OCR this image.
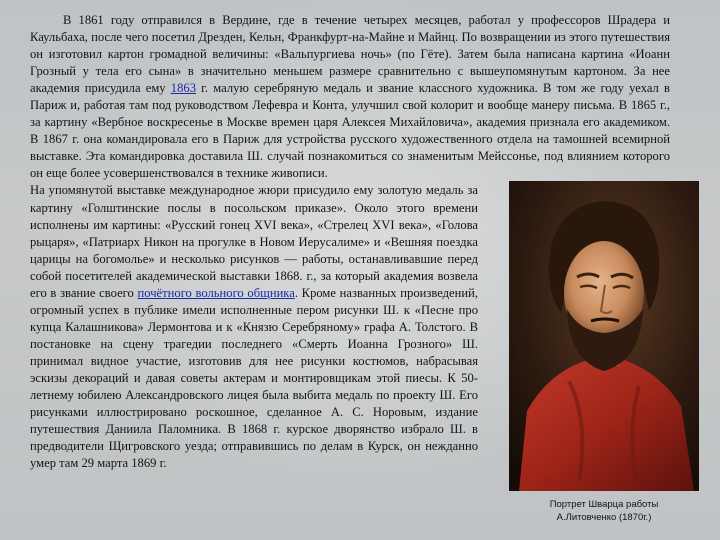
В 1861 году отправился в Вердине, где в течение четырех месяцев, работал у профессоров Шрадера и Каульбаха, после чего посетил Дрезден, Кельн, Франкфурт-на-Майне и Майнц. По возвращении из этого путешествия он изготовил картон громадной величины: «Вальпургиева ночь» (по Гёте). Затем была написана картина «Иоанн Грозный у тела его сына» в значительно меньшем размере сравнительно с вышеупомянутым картоном. За нее академия присудила ему 1863 г. малую серебряную медаль и звание классного художника. В том же году уехал в Париж и, работая там под руководством Лефевра и Конта, улучшил свой колорит и вообще манеру письма. В 1865 г., за картину «Вербное воскресенье в Москве времен царя Алексея Михайловича», академия признала его академиком. В 1867 г. она командировала его в Париж для устройства русского художественного отдела на тамошней всемирной выставке. Эта командировка доставила Ш. случай познакомиться со знаменитым Мейссонье, под влиянием которого он еще более усовершенствовался в технике живописи.

На упомянутой выставке международное жюри присудило ему золотую медаль за картину «Голштинские послы в посольском приказе». Около этого времени исполнены им картины: «Русский гонец XVI века», «Стрелец XVI века», «Голова рыцаря», «Патриарх Никон на прогулке в Новом Иерусалиме» и «Вешняя поездка царицы на богомолье» и несколько рисунков — работы, останавливавшие перед собой посетителей академической выставки 1868. г., за который академия возвела его в звание своего почётного вольного общника. Кроме названных произведений, огромный успех в публике имели исполненные пером рисунки Ш. к «Песне про купца Калашникова» Лермонтова и к «Князю Серебряному» графа А. Толстого. В постановке на сцену трагедии последнего «Смерть Иоанна Грозного» Ш. принимал видное участие, изготовив для нее рисунки костюмов, набрасывая эскизы декораций и давая советы актерам и монтировщикам этой пиесы. К 50-летнему юбилею Александровского лицея была выбита медаль по проекту Ш. Его рисунками иллюстрировано роскошное, сделанное А. С. Норовым, издание путешествия Даниила Паломника. В 1868 г. курское дворянство избрало Ш. в предводители Щигровского уезда; отправившись по делам в Курск, он нежданно умер там 29 марта 1869 г.

Портрет Шварца работы
А.Литовченко (1870г.)
